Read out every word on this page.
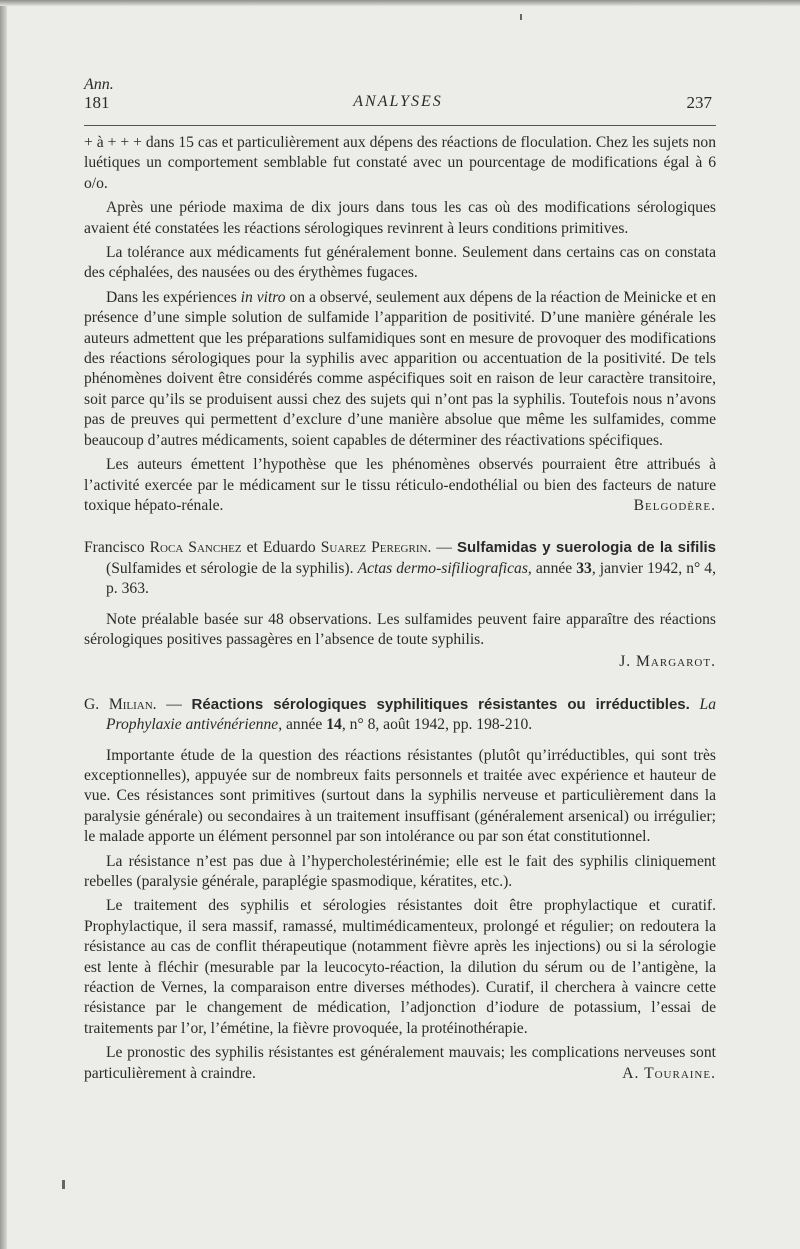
Ann.
181	ANALYSES	237

+ à + + + dans 15 cas et particulièrement aux dépens des réactions de floculation. Chez les sujets non luétiques un comportement semblable fut constaté avec un pourcentage de modifications égal à 6 o/o.

Après une période maxima de dix jours dans tous les cas où des modifications sérologiques avaient été constatées les réactions sérologiques revinrent à leurs conditions primitives.

La tolérance aux médicaments fut généralement bonne. Seulement dans certains cas on constata des céphalées, des nausées ou des érythèmes fugaces.

Dans les expériences in vitro on a observé, seulement aux dépens de la réaction de Meinicke et en présence d’une simple solution de sulfamide l’apparition de positivité. D’une manière générale les auteurs admettent que les préparations sulfamidiques sont en mesure de provoquer des modifications des réactions sérologiques pour la syphilis avec apparition ou accentuation de la positivité. De tels phénomènes doivent être considérés comme aspécifiques soit en raison de leur caractère transitoire, soit parce qu’ils se produisent aussi chez des sujets qui n’ont pas la syphilis. Toutefois nous n’avons pas de preuves qui permettent d’exclure d’une manière absolue que même les sulfamides, comme beaucoup d’autres médicaments, soient capables de déterminer des réactivations spécifiques.

Les auteurs émettent l’hypothèse que les phénomènes observés pourraient être attribués à l’activité exercée par le médicament sur le tissu réticulo-endothélial ou bien des facteurs de nature toxique hépato-rénale.	Belgodère.

Francisco Roca Sanchez et Eduardo Suarez Peregrin. — Sulfamidas y suerologia de la sifilis (Sulfamides et sérologie de la syphilis). Actas dermo-sifiliograficas, année 33, janvier 1942, n° 4, p. 363.

Note préalable basée sur 48 observations. Les sulfamides peuvent faire apparaître des réactions sérologiques positives passagères en l’absence de toute syphilis.

J. Margarot.

G. Milian. — Réactions sérologiques syphilitiques résistantes ou irréductibles. La Prophylaxie antivénérienne, année 14, n° 8, août 1942, pp. 198-210.

Importante étude de la question des réactions résistantes (plutôt qu’irréductibles, qui sont très exceptionnelles), appuyée sur de nombreux faits personnels et traitée avec expérience et hauteur de vue. Ces résistances sont primitives (surtout dans la syphilis nerveuse et particulièrement dans la paralysie générale) ou secondaires à un traitement insuffisant (généralement arsenical) ou irrégulier; le malade apporte un élément personnel par son intolérance ou par son état constitutionnel.

La résistance n’est pas due à l’hypercholestérinémie; elle est le fait des syphilis cliniquement rebelles (paralysie générale, paraplégie spasmodique, kératites, etc.).

Le traitement des syphilis et sérologies résistantes doit être prophylactique et curatif. Prophylactique, il sera massif, ramassé, multimédicamenteux, prolongé et régulier; on redoutera la résistance au cas de conflit thérapeutique (notamment fièvre après les injections) ou si la sérologie est lente à fléchir (mesurable par la leucocyto-réaction, la dilution du sérum ou de l’antigène, la réaction de Vernes, la comparaison entre diverses méthodes). Curatif, il cherchera à vaincre cette résistance par le changement de médication, l’adjonction d’iodure de potassium, l’essai de traitements par l’or, l’émétine, la fièvre provoquée, la protéinothérapie.

Le pronostic des syphilis résistantes est généralement mauvais; les complications nerveuses sont particulièrement à craindre.	A. Touraine.
